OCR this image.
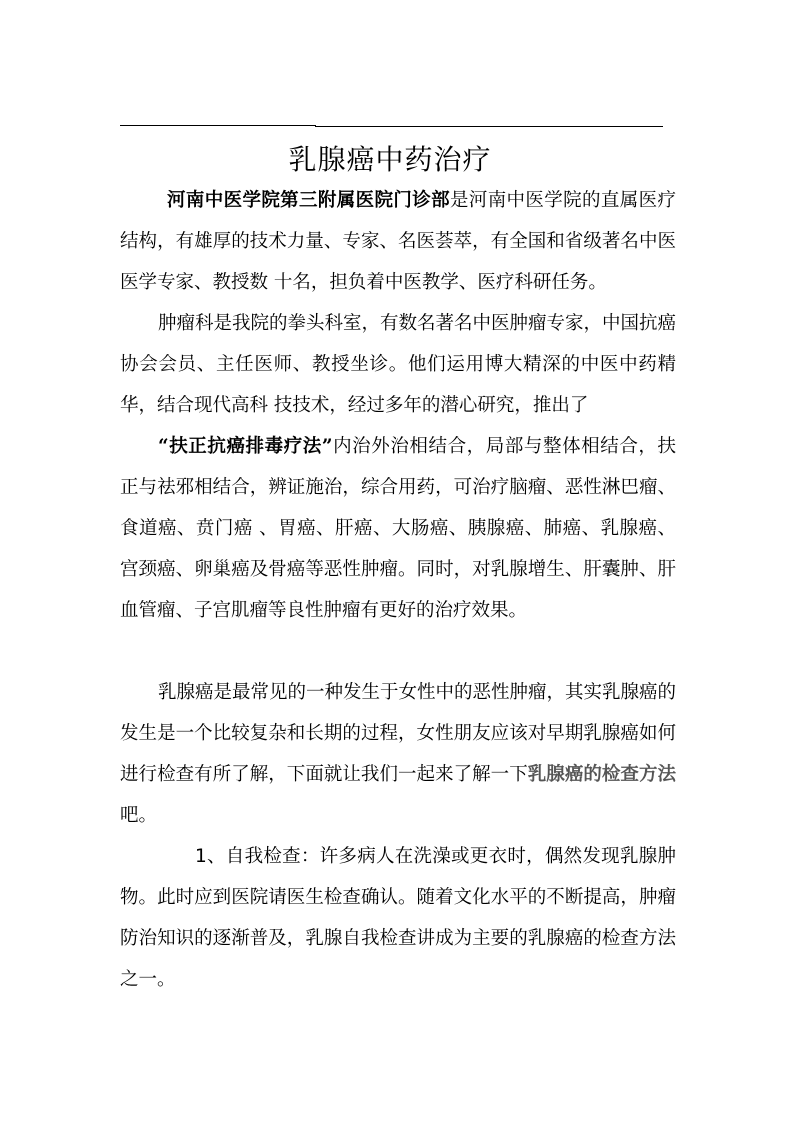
乳腺癌中药治疗

河南中医学院第三附属医院门诊部是河南中医学院的直属医疗结构，有雄厚的技术力量、专家、名医荟萃，有全国和省级著名中医医学专家、教授数 十名，担负着中医教学、医疗科研任务。

肿瘤科是我院的拳头科室，有数名著名中医肿瘤专家，中国抗癌协会会员、主任医师、教授坐诊。他们运用博大精深的中医中药精华，结合现代高科 技技术，经过多年的潜心研究，推出了

“扶正抗癌排毒疗法”内治外治相结合，局部与整体相结合，扶正与祛邪相结合，辨证施治，综合用药，可治疗脑瘤、恶性淋巴瘤、食道癌、贲门癌 、胃癌、肝癌、大肠癌、胰腺癌、肺癌、乳腺癌、宫颈癌、卵巢癌及骨癌等恶性肿瘤。同时，对乳腺增生、肝囊肿、肝血管瘤、子宫肌瘤等良性肿瘤有更好的治疗效果。

乳腺癌是最常见的一种发生于女性中的恶性肿瘤，其实乳腺癌的发生是一个比较复杂和长期的过程，女性朋友应该对早期乳腺癌如何进行检查有所了解，下面就让我们一起来了解一下乳腺癌的检查方法吧。

1、自我检查：许多病人在洗澡或更衣时，偶然发现乳腺肿物。此时应到医院请医生检查确认。随着文化水平的不断提高，肿瘤防治知识的逐渐普及，乳腺自我检查讲成为主要的乳腺癌的检查方法之一。
